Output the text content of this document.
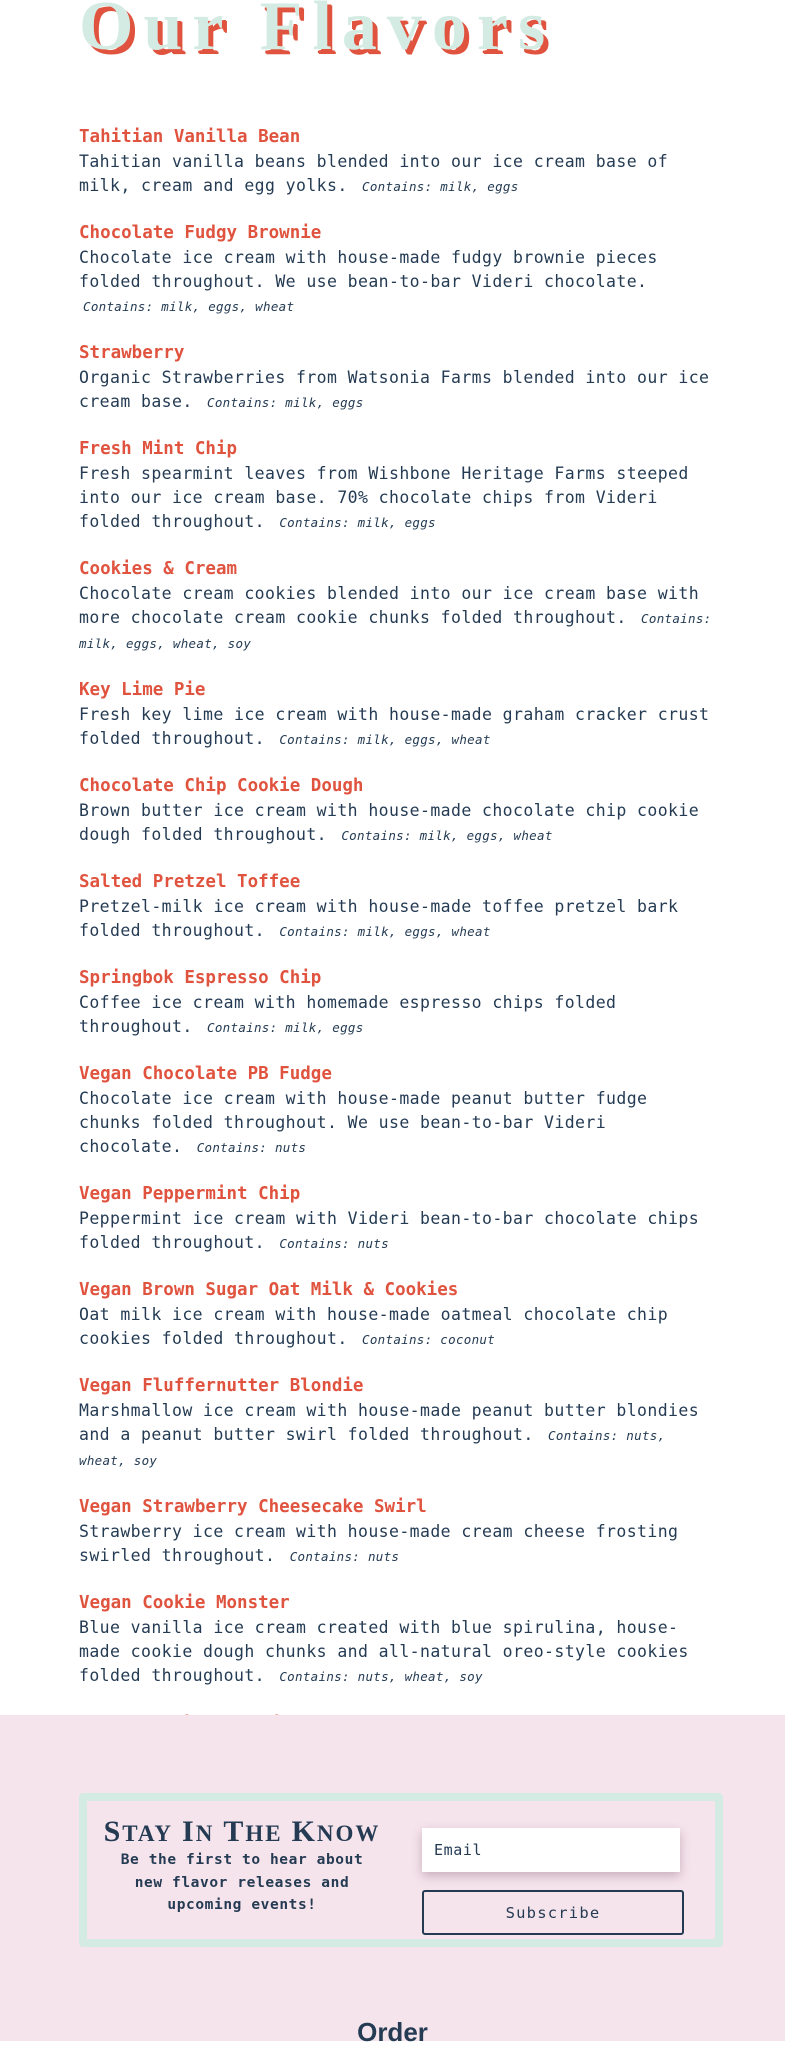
Our Flavors
Tahitian Vanilla Bean
Tahitian vanilla beans blended into our ice cream base of milk, cream and egg yolks. Contains: milk, eggs
Chocolate Fudgy Brownie
Chocolate ice cream with house-made fudgy brownie pieces folded throughout. We use bean-to-bar Videri chocolate. Contains: milk, eggs, wheat
Strawberry
Organic Strawberries from Watsonia Farms blended into our ice cream base. Contains: milk, eggs
Fresh Mint Chip
Fresh spearmint leaves from Wishbone Heritage Farms steeped into our ice cream base. 70% chocolate chips from Videri folded throughout. Contains: milk, eggs
Cookies & Cream
Chocolate cream cookies blended into our ice cream base with more chocolate cream cookie chunks folded throughout. Contains: milk, eggs, wheat, soy
Key Lime Pie
Fresh key lime ice cream with house-made graham cracker crust folded throughout. Contains: milk, eggs, wheat
Chocolate Chip Cookie Dough
Brown butter ice cream with house-made chocolate chip cookie dough folded throughout. Contains: milk, eggs, wheat
Salted Pretzel Toffee
Pretzel-milk ice cream with house-made toffee pretzel bark folded throughout. Contains: milk, eggs, wheat
Springbok Espresso Chip
Coffee ice cream with homemade espresso chips folded throughout. Contains: milk, eggs
Vegan Chocolate PB Fudge
Chocolate ice cream with house-made peanut butter fudge chunks folded throughout. We use bean-to-bar Videri chocolate. Contains: nuts
Vegan Peppermint Chip
Peppermint ice cream with Videri bean-to-bar chocolate chips folded throughout. Contains: nuts
Vegan Brown Sugar Oat Milk & Cookies
Oat milk ice cream with house-made oatmeal chocolate chip cookies folded throughout. Contains: coconut
Vegan Fluffernutter Blondie
Marshmallow ice cream with house-made peanut butter blondies and a peanut butter swirl folded throughout. Contains: nuts, wheat, soy
Vegan Strawberry Cheesecake Swirl
Strawberry ice cream with house-made cream cheese frosting swirled throughout. Contains: nuts
Vegan Cookie Monster
Blue vanilla ice cream created with blue spirulina, house-made cookie dough chunks and all-natural oreo-style cookies folded throughout. Contains: nuts, wheat, soy
STAY IN THE KNOW
Be the first to hear about new flavor releases and upcoming events!
Email	Subscribe
Order
